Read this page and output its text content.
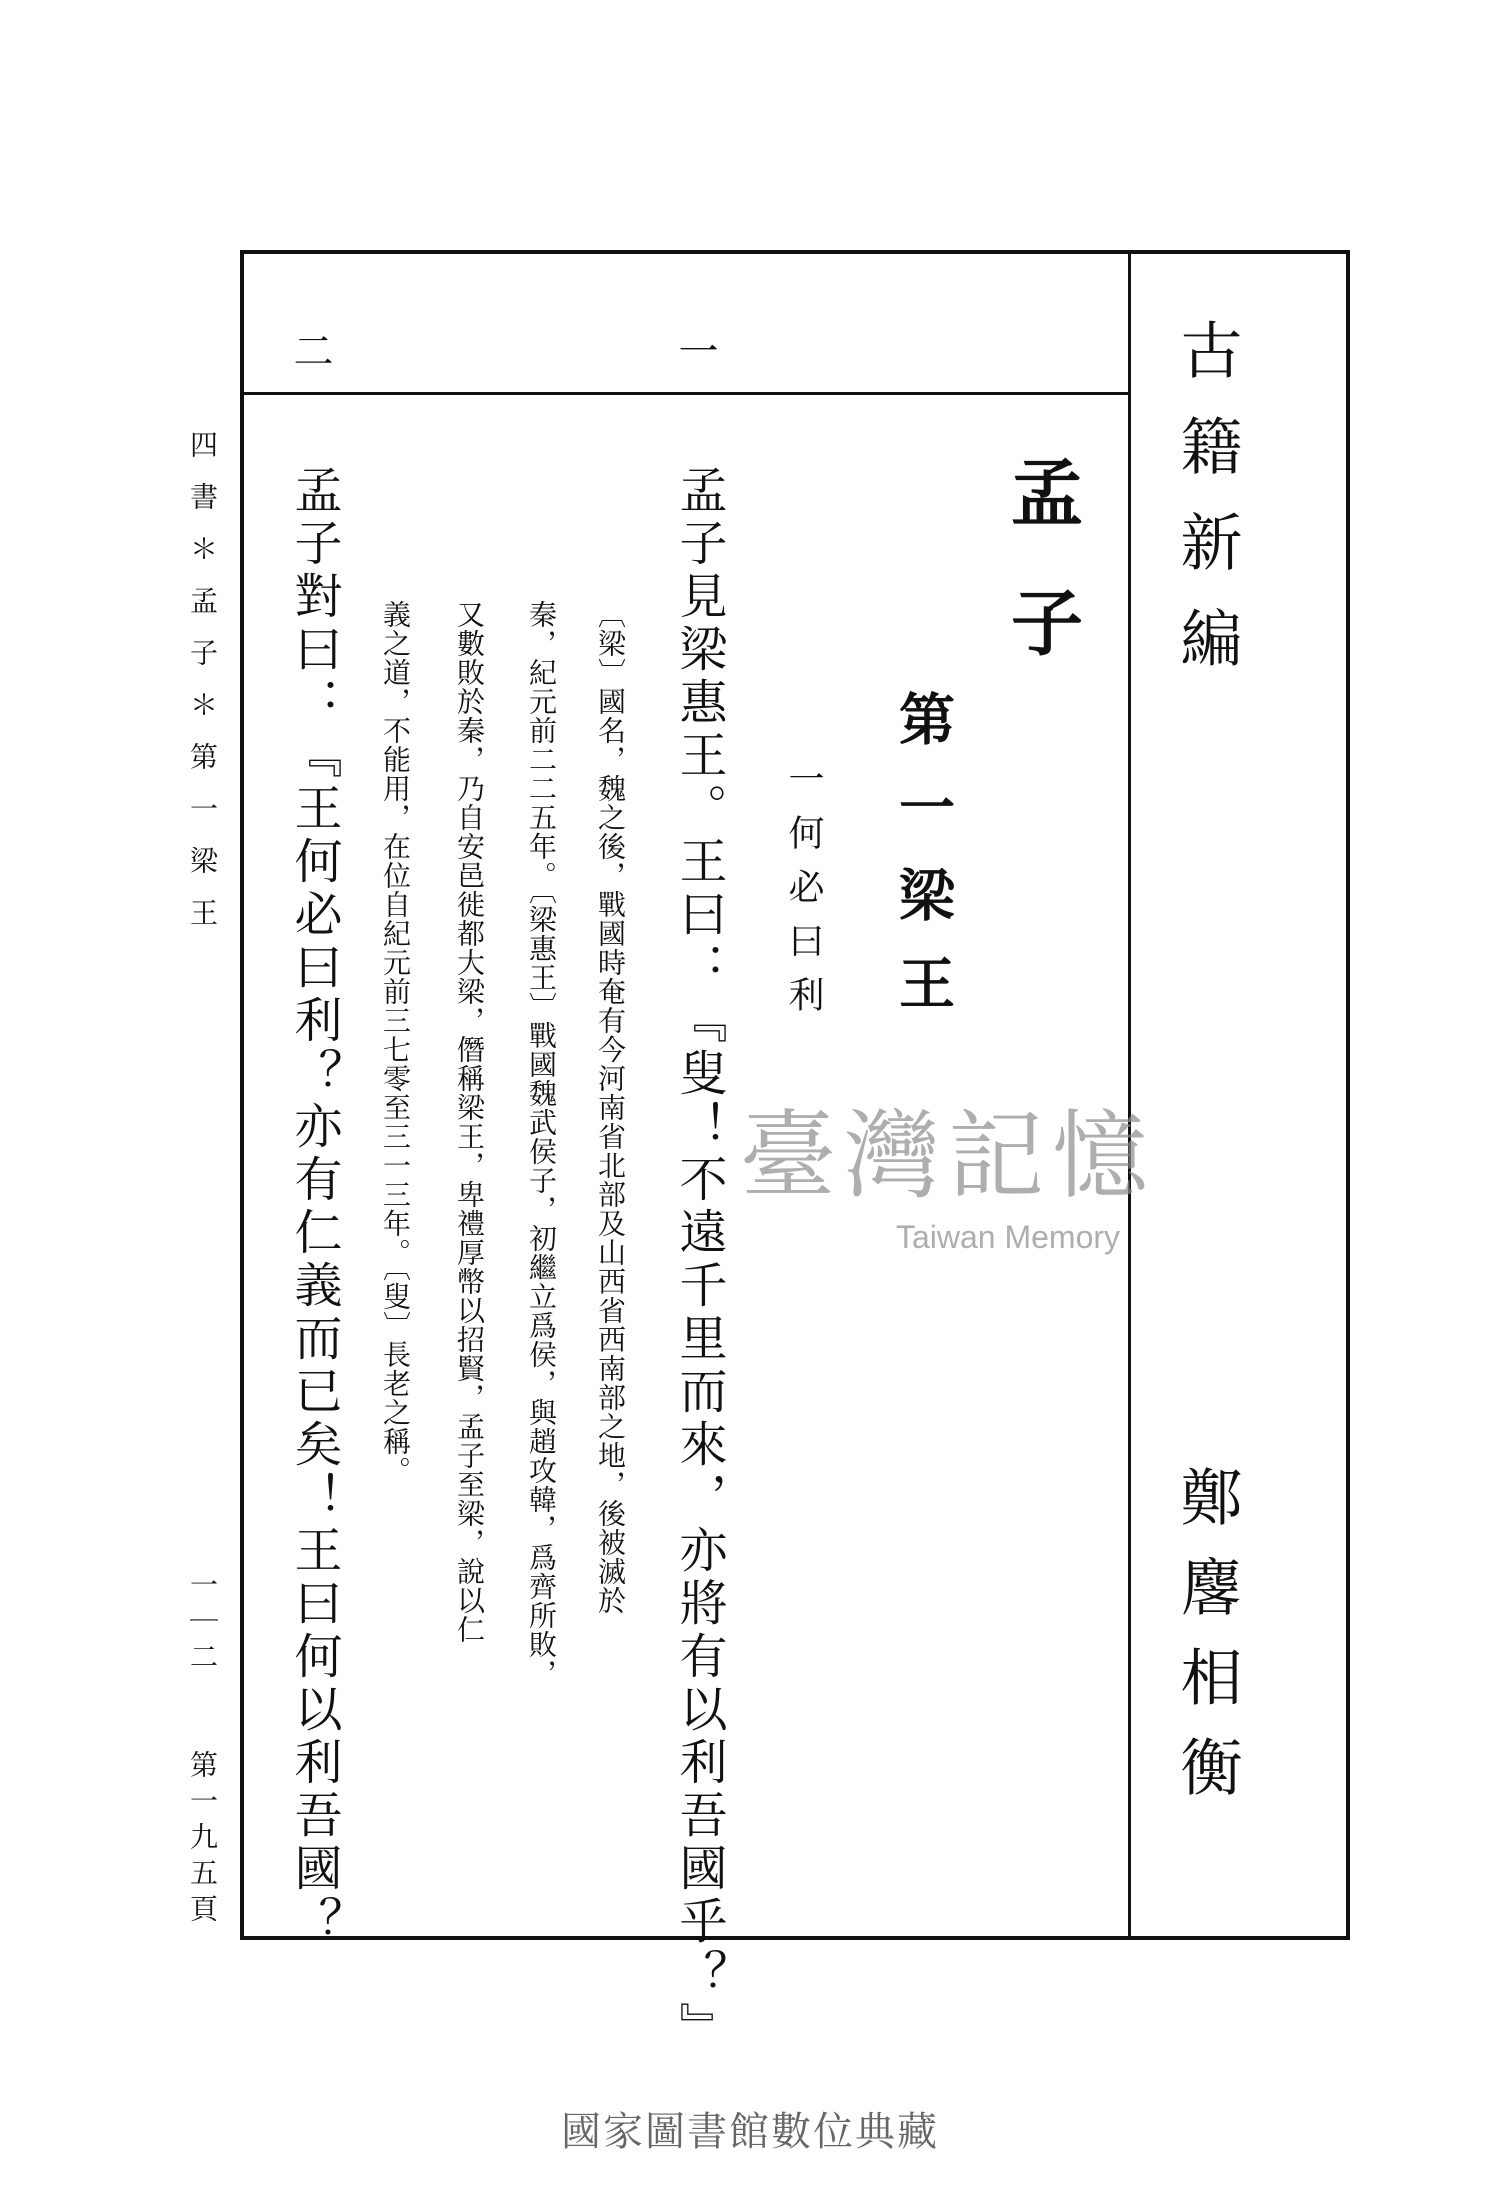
古籍新編
鄭麐相衡
一
二
孟子
第一梁王
一何必曰利
孟子見梁惠王。王曰：『叟！不遠千里而來，亦將有以利吾國乎？』
〔梁〕國名，魏之後，戰國時奄有今河南省北部及山西省西南部之地，後被滅於
秦，紀元前二二五年。〔梁惠王〕戰國魏武侯子，初繼立爲侯，與趙攻韓，爲齊所敗，
又數敗於秦，乃自安邑徙都大梁，僭稱梁王，卑禮厚幣以招賢，孟子至梁，說以仁
義之道，不能用，在位自紀元前三七零至三一三年。〔叟〕長老之稱。
孟子對曰：『王何必曰利？亦有仁義而已矣！王曰何以利吾國？
四書＊孟子＊第一梁王
一｜二　　第一九五頁
臺灣記憶
Taiwan Memory
國家圖書館數位典藏
